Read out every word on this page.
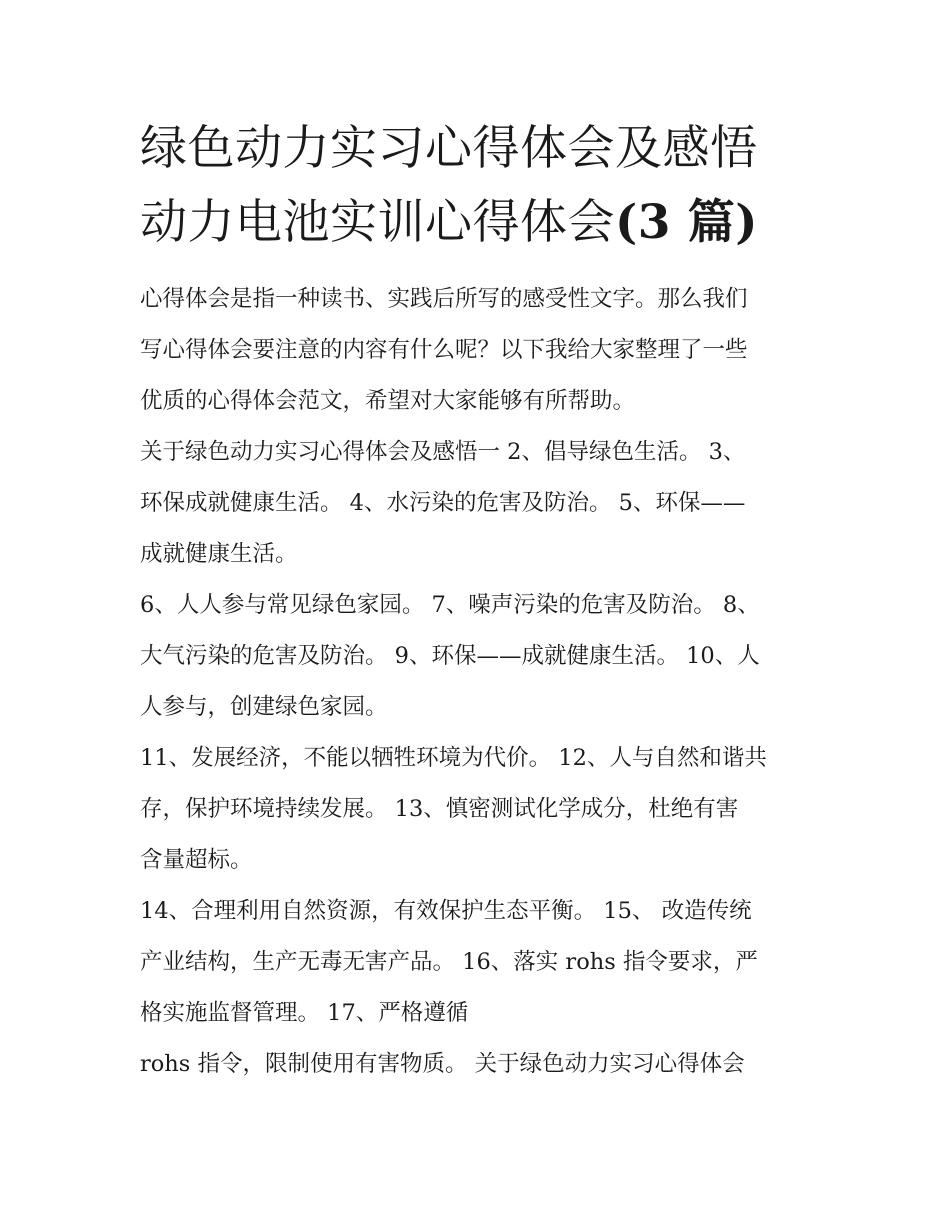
绿色动力实习心得体会及感悟
动力电池实训心得体会(3 篇)

心得体会是指一种读书、实践后所写的感受性文字。那么我们
写心得体会要注意的内容有什么呢？以下我给大家整理了一些
优质的心得体会范文，希望对大家能够有所帮助。

关于绿色动力实习心得体会及感悟一 2、倡导绿色生活。 3、
环保成就健康生活。 4、水污染的危害及防治。 5、环保——
成就健康生活。

6、人人参与常见绿色家园。 7、噪声污染的危害及防治。 8、
大气污染的危害及防治。 9、环保——成就健康生活。 10、人
人参与，创建绿色家园。

11、发展经济，不能以牺牲环境为代价。 12、人与自然和谐共
存，保护环境持续发展。 13、慎密测试化学成分，杜绝有害
含量超标。

14、合理利用自然资源，有效保护生态平衡。 15、 改造传统
产业结构，生产无毒无害产品。 16、落实 rohs 指令要求，严
格实施监督管理。 17、严格遵循

rohs 指令，限制使用有害物质。 关于绿色动力实习心得体会
